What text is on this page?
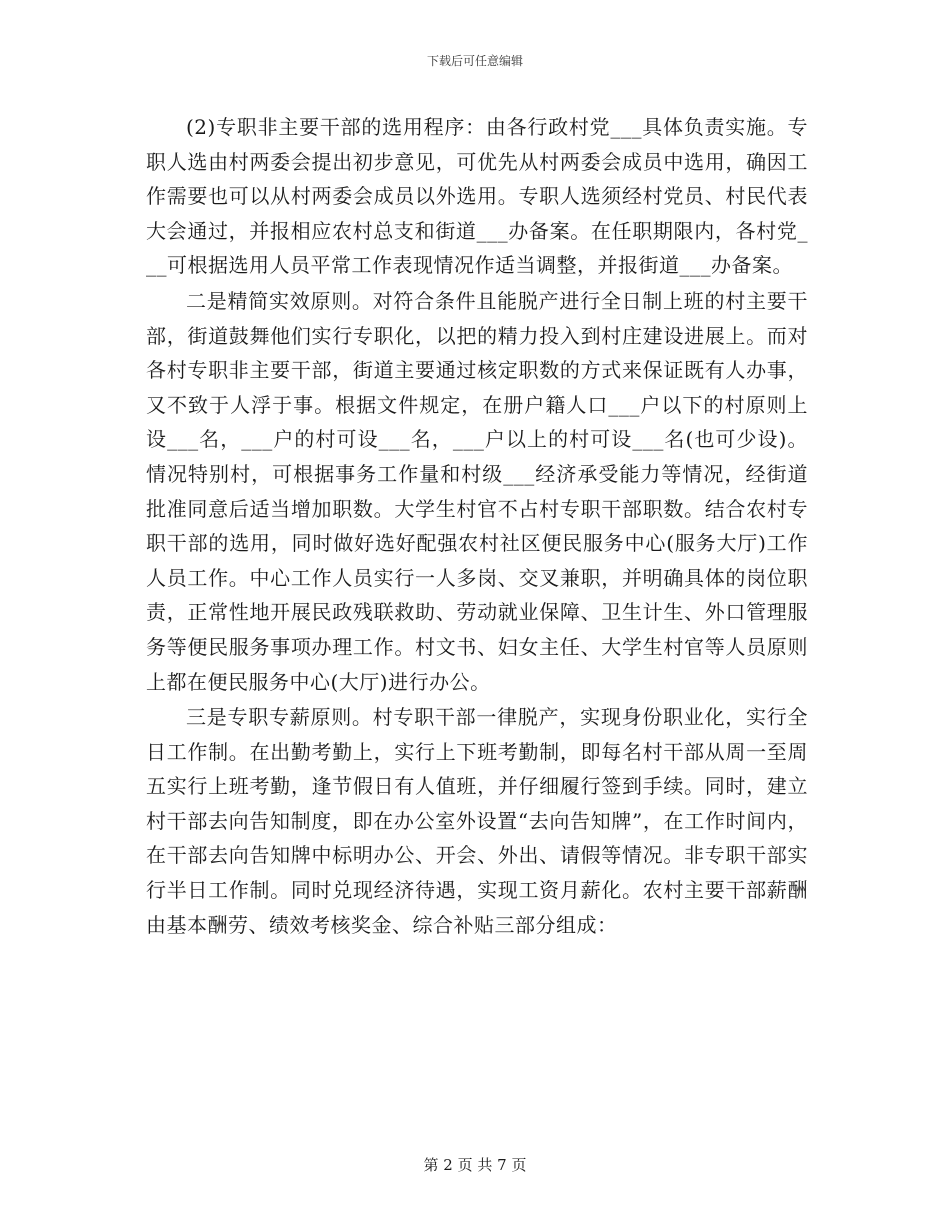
下载后可任意编辑

(2)专职非主要干部的选用程序：由各行政村党___具体负责实施。专职人选由村两委会提出初步意见，可优先从村两委会成员中选用，确因工作需要也可以从村两委会成员以外选用。专职人选须经村党员、村民代表大会通过，并报相应农村总支和街道___办备案。在任职期限内，各村党___可根据选用人员平常工作表现情况作适当调整，并报街道___办备案。

二是精简实效原则。对符合条件且能脱产进行全日制上班的村主要干部，街道鼓舞他们实行专职化，以把的精力投入到村庄建设进展上。而对各村专职非主要干部，街道主要通过核定职数的方式来保证既有人办事，又不致于人浮于事。根据文件规定，在册户籍人口___户以下的村原则上设___名，___户的村可设___名，___户以上的村可设___名(也可少设)。情况特别村，可根据事务工作量和村级___经济承受能力等情况，经街道批准同意后适当增加职数。大学生村官不占村专职干部职数。结合农村专职干部的选用，同时做好选好配强农村社区便民服务中心(服务大厅)工作人员工作。中心工作人员实行一人多岗、交叉兼职，并明确具体的岗位职责，正常性地开展民政残联救助、劳动就业保障、卫生计生、外口管理服务等便民服务事项办理工作。村文书、妇女主任、大学生村官等人员原则上都在便民服务中心(大厅)进行办公。

三是专职专薪原则。村专职干部一律脱产，实现身份职业化，实行全日工作制。在出勤考勤上，实行上下班考勤制，即每名村干部从周一至周五实行上班考勤，逢节假日有人值班，并仔细履行签到手续。同时，建立村干部去向告知制度，即在办公室外设置“去向告知牌”，在工作时间内，在干部去向告知牌中标明办公、开会、外出、请假等情况。非专职干部实行半日工作制。同时兑现经济待遇，实现工资月薪化。农村主要干部薪酬由基本酬劳、绩效考核奖金、综合补贴三部分组成：

第 2 页 共 7 页
